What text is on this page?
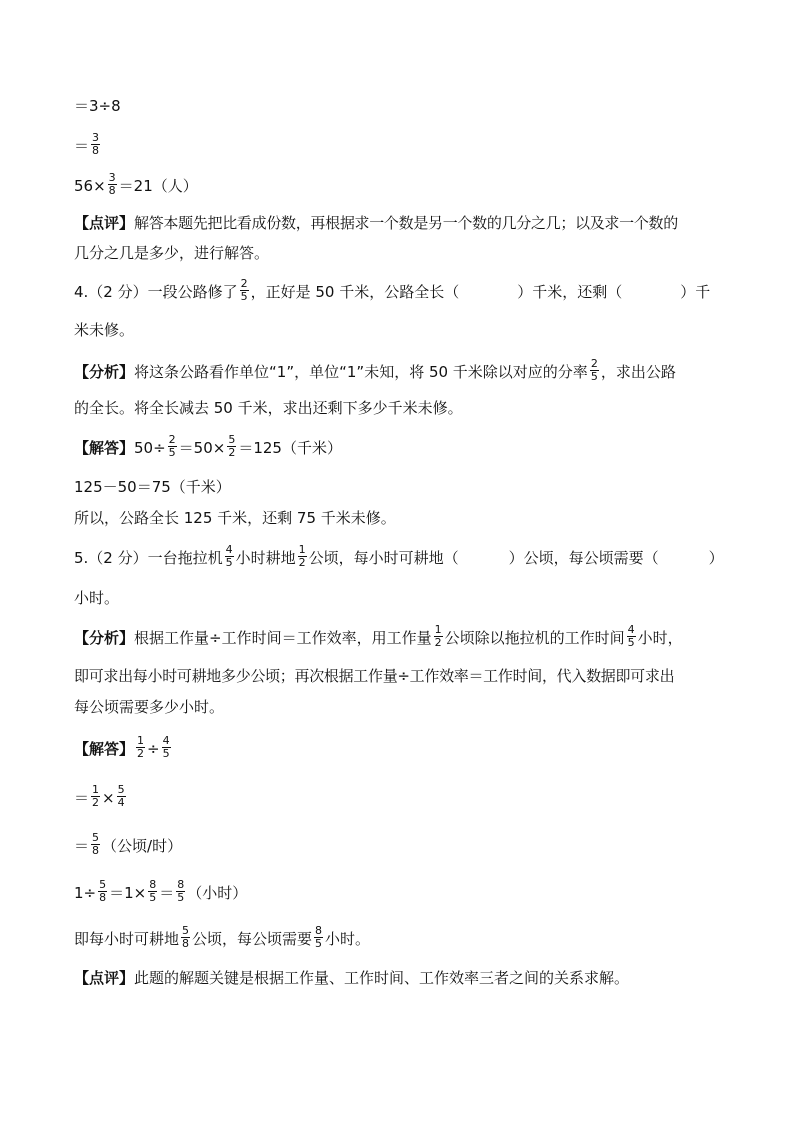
＝3÷8
＝ $\frac{3}{8}$
$56\times \frac{3}{8} =21$（人）
【点评】解答本题先把比看成份数，再根据求一个数是另一个数的几分之几；以及求一个数的
几分之几是多少，进行解答。
4.（2 分）一段公路修了 $\frac{2}{5}$ ，正好是 50 千米，公路全长（	）千米，还剩（	）千
米未修。
【分析】将这条公路看作单位“1”，单位“1”未知，将 50 千米除以对应的分率 $\frac{2}{5}$ ，求出公路
的全长。将全长减去 50 千米，求出还剩下多少千米未修。
【解答】$50\div \frac{2}{5} =50\times \frac{5}{2} =125$（千米）
125－50＝75（千米）
所以，公路全长 125 千米，还剩 75 千米未修。
5.（2 分）一台拖拉机 $\frac{4}{5}$ 小时耕地 $\frac{1}{2}$ 公顷，每小时可耕地（	）公顷，每公顷需要（	）
小时。
【分析】根据工作量÷工作时间＝工作效率，用工作量 $\frac{1}{2}$ 公顷除以拖拉机的工作时间 $\frac{4}{5}$ 小时，
即可求出每小时可耕地多少公顷；再次根据工作量÷工作效率＝工作时间，代入数据即可求出
每公顷需要多少小时。
【解答】 $\frac{1}{2} \div \frac{4}{5}$
＝ $\frac{1}{2} \times \frac{5}{4}$
＝ $\frac{5}{8}$ （公顷/时）
$1\div \frac{5}{8} =1\times \frac{8}{5} = \frac{8}{5}$ （小时）
即每小时可耕地 $\frac{5}{8}$ 公顷，每公顷需要 $\frac{8}{5}$ 小时。
【点评】此题的解题关键是根据工作量、工作时间、工作效率三者之间的关系求解。
